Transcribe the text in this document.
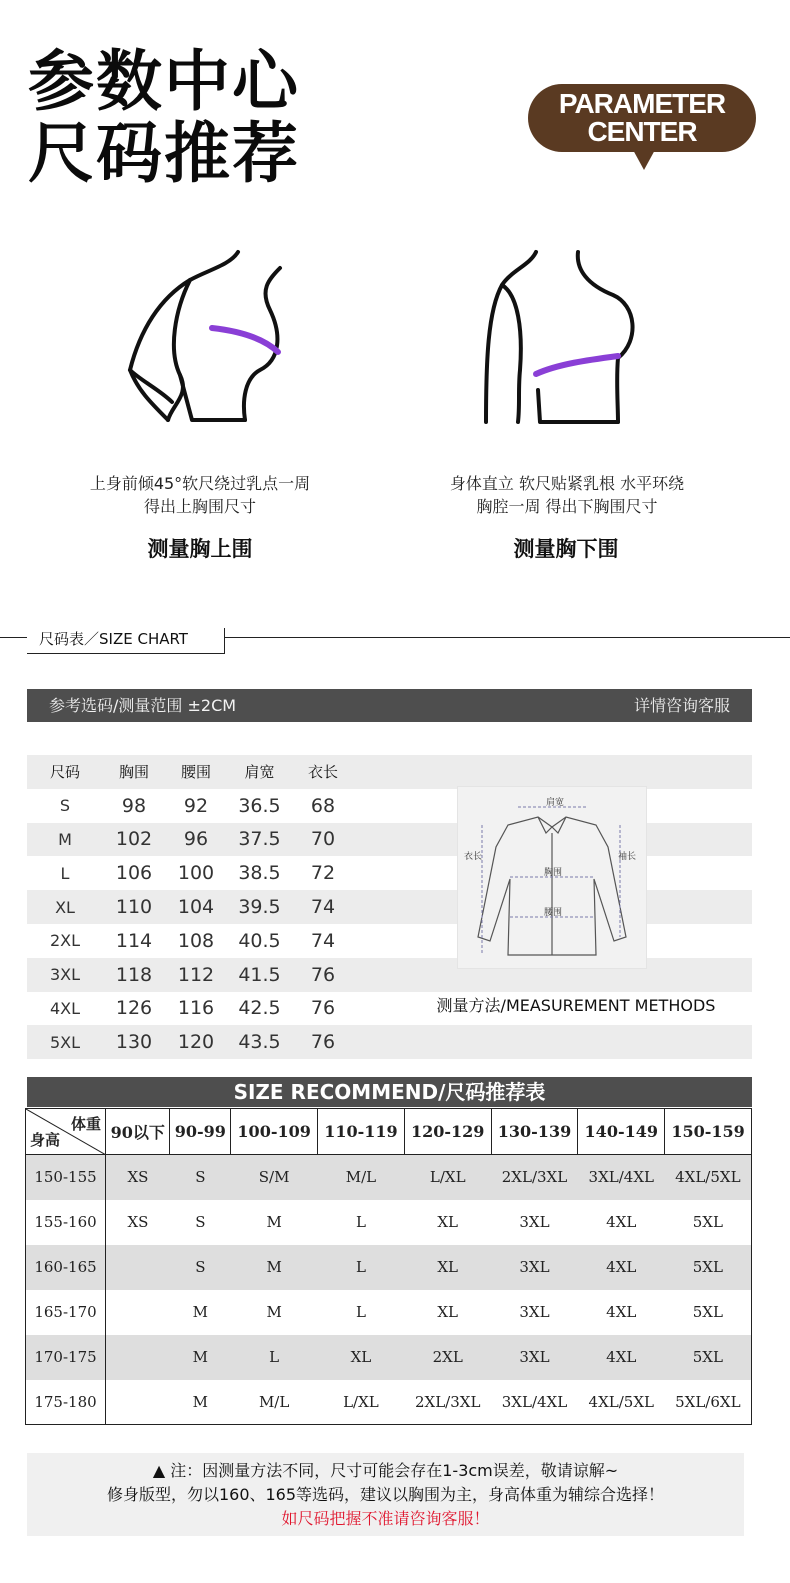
参数中心
尺码推荐
PARAMETER
CENTER
上身前倾45°软尺绕过乳点一周
得出上胸围尺寸
测量胸上围
身体直立 软尺贴紧乳根 水平环绕
胸腔一周 得出下胸围尺寸
测量胸下围
尺码表／SIZE CHART
参考选码/测量范围 ±2CM	详情咨询客服
尺码	胸围	腰围	肩宽	衣长
S	98	92	36.5	68
M	102	96	37.5	70
L	106	100	38.5	72
XL	110	104	39.5	74
2XL	114	108	40.5	74
3XL	118	112	41.5	76
4XL	126	116	42.5	76
5XL	130	120	43.5	76
肩宽
衣长	袖长
胸围
腰围
测量方法/MEASUREMENT METHODS
SIZE RECOMMEND/尺码推荐表
体重
身高	90以下	90-99	100-109	110-119	120-129	130-139	140-149	150-159
150-155	XS	S	S/M	M/L	L/XL	2XL/3XL	3XL/4XL	4XL/5XL
155-160	XS	S	M	L	XL	3XL	4XL	5XL
160-165		S	M	L	XL	3XL	4XL	5XL
165-170		M	M	L	XL	3XL	4XL	5XL
170-175		M	L	XL	2XL	3XL	4XL	5XL
175-180		M	M/L	L/XL	2XL/3XL	3XL/4XL	4XL/5XL	5XL/6XL
▲ 注：因测量方法不同，尺寸可能会存在1-3cm误差，敬请谅解~
修身版型，勿以160、165等选码，建议以胸围为主，身高体重为辅综合选择！
如尺码把握不准请咨询客服！
